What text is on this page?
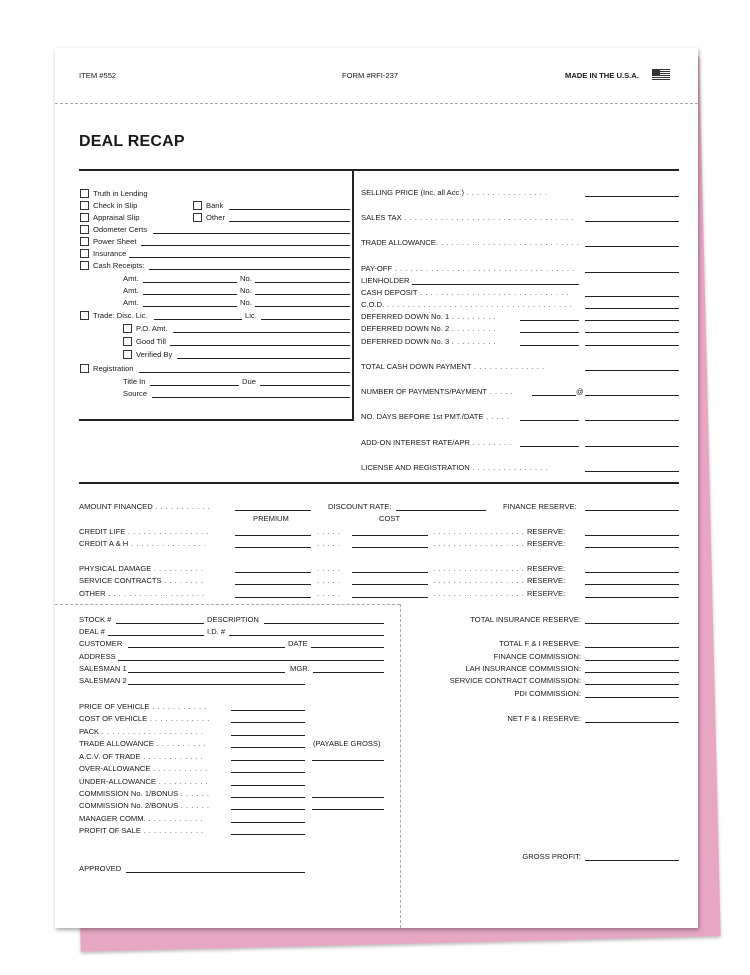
ITEM #552	FORM #RFI-237	MADE IN THE U.S.A.
DEAL RECAP
Truth in Lending
Check in Slip	Bank
Appraisal Slip	Other
Odometer Certs
Power Sheet
Insurance
Cash Receipts:
Amt.	No.
Amt.	No.
Amt.	No.
Trade: Disc. Lic.	Lic.
P.O. Amt.
Good Till
Verified By
Registration
Title In	Due
Source
SELLING PRICE (Inc. all Acc.) . . . . . . . . . . . . . . . .
SALES TAX . . . . . . . . . . . . . . . . . . . . . . . . . . . . . . . . .
TRADE ALLOWANCE. . . . . . . . . . . . . . . . . . . . . . . . . . . .
PAY-OFF . . . . . . . . . . . . . . . . . . . . . . . . . . . . . . . . . . .
LIENHOLDER
CASH DEPOSIT . . . . . . . . . . . . . . . . . . . . . . . . . . . . .
C.O.D. . . . . . . . . . . . . . . . . . . . . . . . . . . . . . . . . . . . .
DEFERRED DOWN No. 1 . . . . . . . . .
DEFERRED DOWN No. 2 . . . . . . . . .
DEFERRED DOWN No. 3 . . . . . . . . .
TOTAL CASH DOWN PAYMENT . . . . . . . . . . . . . .
NUMBER OF PAYMENTS/PAYMENT . . . . .	@
NO. DAYS BEFORE 1st PMT./DATE . . . . .
ADD-ON INTEREST RATE/APR . . . . . . . .
LICENSE AND REGISTRATION . . . . . . . . . . . . . . .
AMOUNT FINANCED . . . . . . . . . . .	DISCOUNT RATE:	FINANCE RESERVE:
PREMIUM	COST
CREDIT LIFE . . . . . . . . . . . . . . . .	. . . . .	. . . . . . . . . . . . . . . . . . RESERVE:
CREDIT A & H . . . . . . . . . . . . . . .	. . . . .	. . . . . . . . . . . . . . . . . . RESERVE:
PHYSICAL DAMAGE . . . . . . . . . .	. . . . .	. . . . . . . . . . . . . . . . . . RESERVE:
SERVICE CONTRACTS . . . . . . . .	. . . . .	. . . . . . . . . . . . . . . . . . RESERVE:
OTHER . . . . . . . . . . . . . . . . . . .	. . . . .	. . . . . . . . . . . . . . . . . . RESERVE:
STOCK #	DESCRIPTION
DEAL #	I.D. #
CUSTOMER	DATE
ADDRESS
SALESMAN 1	MGR.
SALESMAN 2
PRICE OF VEHICLE . . . . . . . . . . .
COST OF VEHICLE . . . . . . . . . . . .
PACK . . . . . . . . . . . . . . . . . . . .
TRADE ALLOWANCE . . . . . . . . . .	(PAYABLE GROSS)
A.C.V. OF TRADE . . . . . . . . . . . .
OVER-ALLOWANCE . . . . . . . . . . .
UNDER-ALLOWANCE . . . . . . . . . .
COMMISSION No. 1/BONUS . . . . . .
COMMISSION No. 2/BONUS . . . . . .
MANAGER COMM. . . . . . . . . . . .
PROFIT OF SALE . . . . . . . . . . . .
APPROVED
TOTAL INSURANCE RESERVE:
TOTAL F & I RESERVE:
FINANCE COMMISSION:
LAH INSURANCE COMMISSION:
SERVICE CONTRACT COMMISSION:
PDI COMMISSION:
NET F & I RESERVE:
GROSS PROFIT:
